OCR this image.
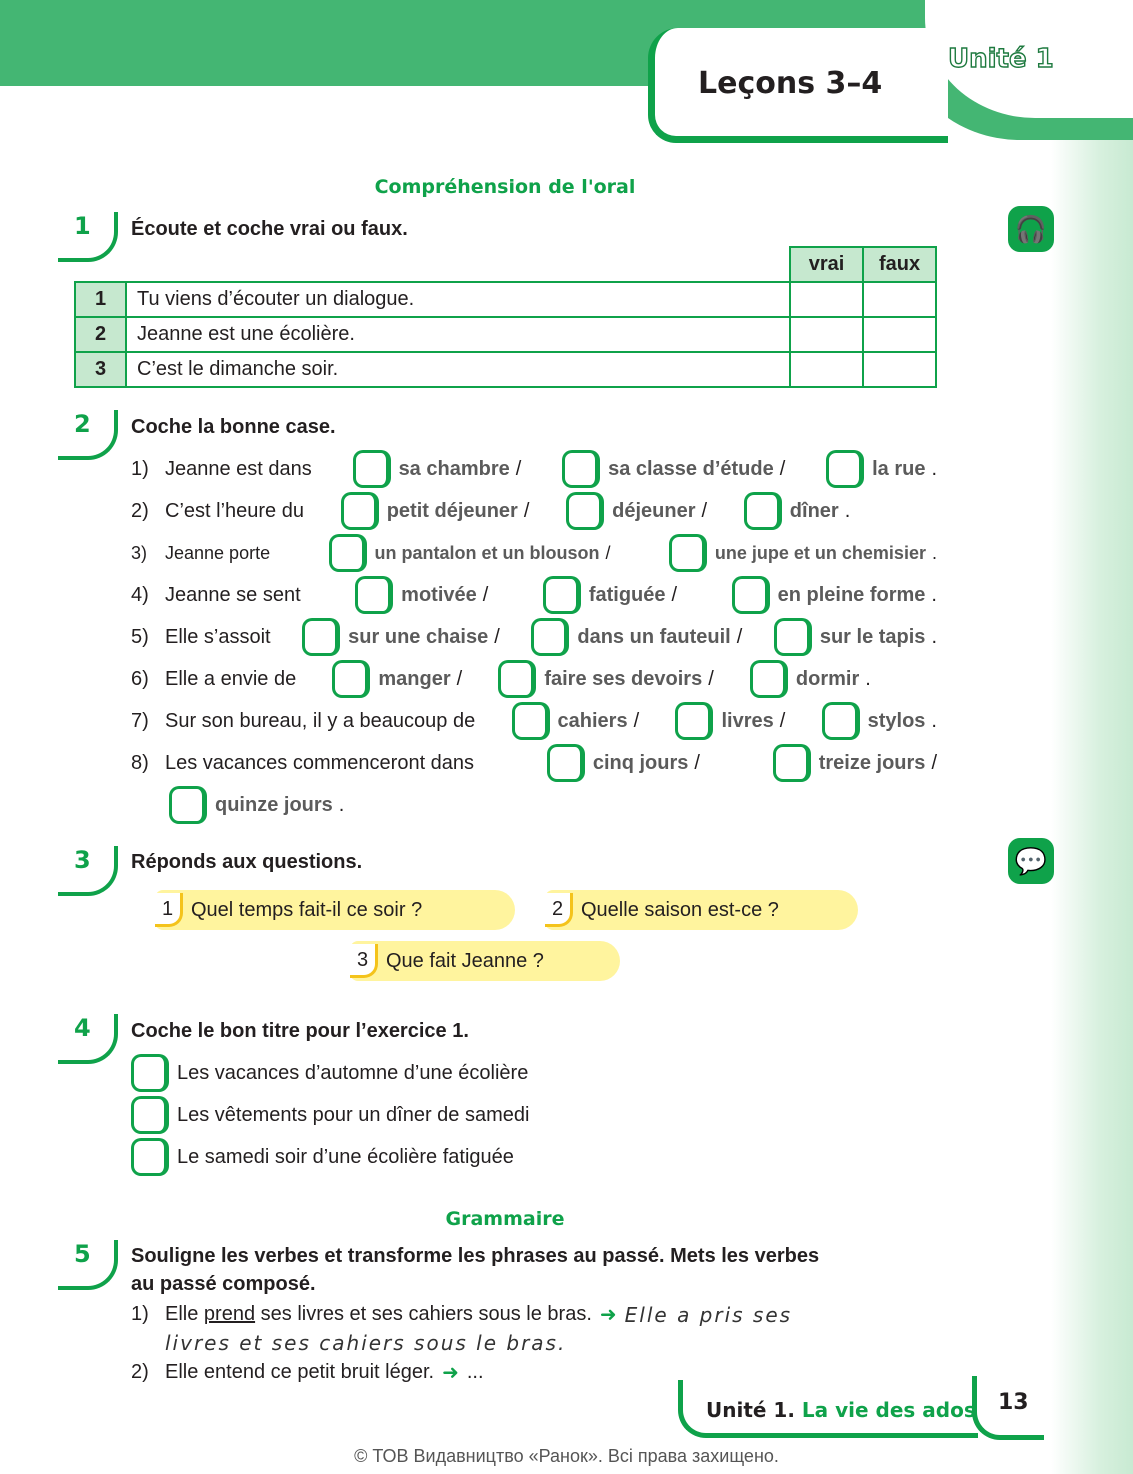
Unité 1
Leçons 3–4
Compréhension de l'oral
1 Écoute et coche vrai ou faux.	🎧
		vrai	faux
1	Tu viens d’écouter un dialogue.		
2	Jeanne est une écolière.		
3	C’est le dimanche soir.		
2 Coche la bonne case.
1) Jeanne est dans	sa chambre /	sa classe d’étude /	la rue .
2) C’est l’heure du	petit déjeuner /	déjeuner /	dîner .
3) Jeanne porte	un pantalon et un blouson /	une jupe et un chemisier .
4) Jeanne se sent	motivée /	fatiguée /	en pleine forme .
5) Elle s’assoit	sur une chaise /	dans un fauteuil /	sur le tapis .
6) Elle a envie de	manger /	faire ses devoirs /	dormir .
7) Sur son bureau, il y a beaucoup de	cahiers /	livres /	stylos .
8) Les vacances commenceront dans	cinq jours /	treize jours /
quinze jours .
3 Réponds aux questions.	💬
1 Quel temps fait-il ce soir ?	2 Quelle saison est-ce ?
3 Que fait Jeanne ?
4 Coche le bon titre pour l’exercice 1.
Les vacances d’automne d’une écolière
Les vêtements pour un dîner de samedi
Le samedi soir d’une écolière fatiguée
Grammaire
5 Souligne les verbes et transforme les phrases au passé. Mets les verbes
au passé composé.
1) Elle
prend
ses livres et ses cahiers sous le bras. ➜ Elle a pris ses
livres et ses cahiers sous le bras.
2) Elle entend ce petit bruit léger. ➜ ...
Unité 1. La vie des ados 13
© ТОВ Видавництво «Ранок». Всі права захищено.
